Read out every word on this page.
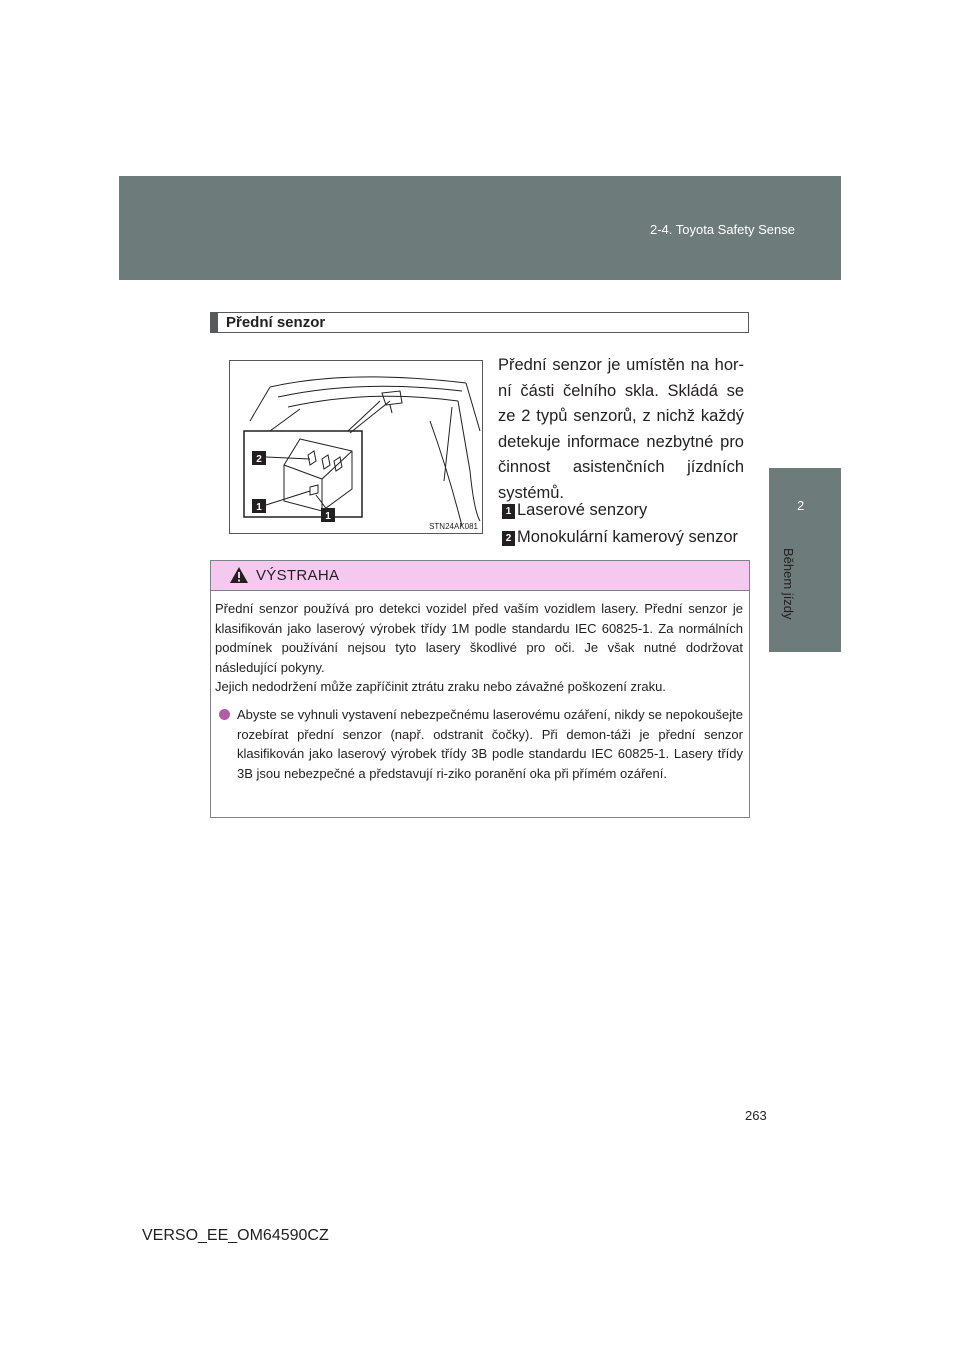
2-4. Toyota Safety Sense
2
Během jízdy
Přední senzor
2
1
1
STN24AK081
Přední senzor je umístěn na hor-ní části čelního skla. Skládá se ze 2 typů senzorů, z nichž každý detekuje informace nezbytné pro činnost asistenčních jízdních systémů.
1 Laserové senzory
2 Monokulární kamerový senzor
VÝSTRAHA
Přední senzor používá pro detekci vozidel před vaším vozidlem lasery. Přední senzor je klasifikován jako laserový výrobek třídy 1M podle standardu IEC 60825-1. Za normálních podmínek používání nejsou tyto lasery škodlivé pro oči. Je však nutné dodržovat následující pokyny.
Jejich nedodržení může zapříčinit ztrátu zraku nebo závažné poškození zraku.
Abyste se vyhnuli vystavení nebezpečnému laserovému ozáření, nikdy se nepokoušejte rozebírat přední senzor (např. odstranit čočky). Při demon-táži je přední senzor klasifikován jako laserový výrobek třídy 3B podle standardu IEC 60825-1. Lasery třídy 3B jsou nebezpečné a představují ri-ziko poranění oka při přímém ozáření.
263
VERSO_EE_OM64590CZ
